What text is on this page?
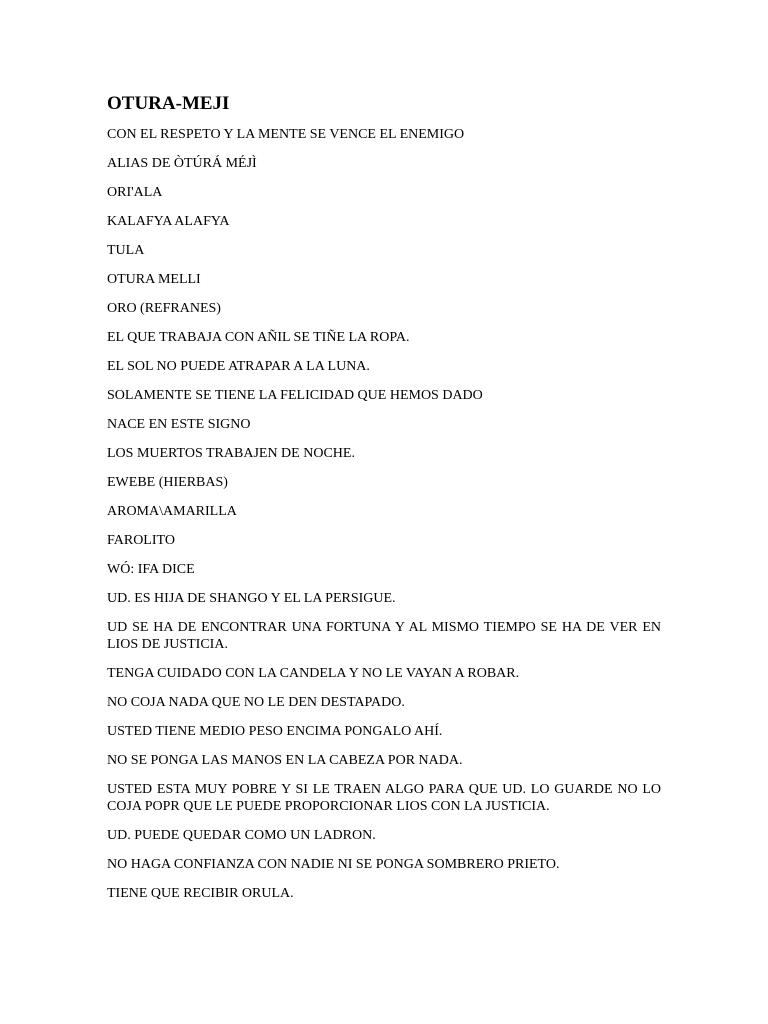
OTURA-MEJI
CON EL RESPETO Y LA MENTE SE VENCE EL ENEMIGO
ALIAS DE ÒTÚRÁ MÉJÌ
ORI'ALA
KALAFYA ALAFYA
TULA
OTURA MELLI
ORO (REFRANES)
EL QUE TRABAJA CON AÑIL SE TIÑE LA ROPA.
EL SOL NO PUEDE ATRAPAR A LA LUNA.
SOLAMENTE SE TIENE LA FELICIDAD QUE HEMOS DADO
NACE EN ESTE SIGNO
LOS MUERTOS TRABAJEN DE NOCHE.
EWEBE (HIERBAS)
AROMA\AMARILLA
FAROLITO
WÓ: IFA DICE
UD. ES HIJA DE SHANGO Y EL LA PERSIGUE.
UD SE HA DE ENCONTRAR UNA FORTUNA Y AL MISMO TIEMPO SE HA DE VER EN LIOS DE JUSTICIA.
TENGA CUIDADO CON LA CANDELA Y NO LE VAYAN A ROBAR.
NO COJA NADA QUE NO LE DEN DESTAPADO.
USTED TIENE MEDIO PESO ENCIMA PONGALO AHÍ.
NO SE PONGA LAS MANOS EN LA CABEZA POR NADA.
USTED ESTA MUY POBRE Y SI LE TRAEN ALGO PARA QUE UD. LO GUARDE NO LO COJA POPR QUE LE PUEDE PROPORCIONAR LIOS CON LA JUSTICIA.
UD. PUEDE QUEDAR COMO UN LADRON.
NO HAGA CONFIANZA CON NADIE NI SE PONGA SOMBRERO PRIETO.
TIENE QUE RECIBIR ORULA.
